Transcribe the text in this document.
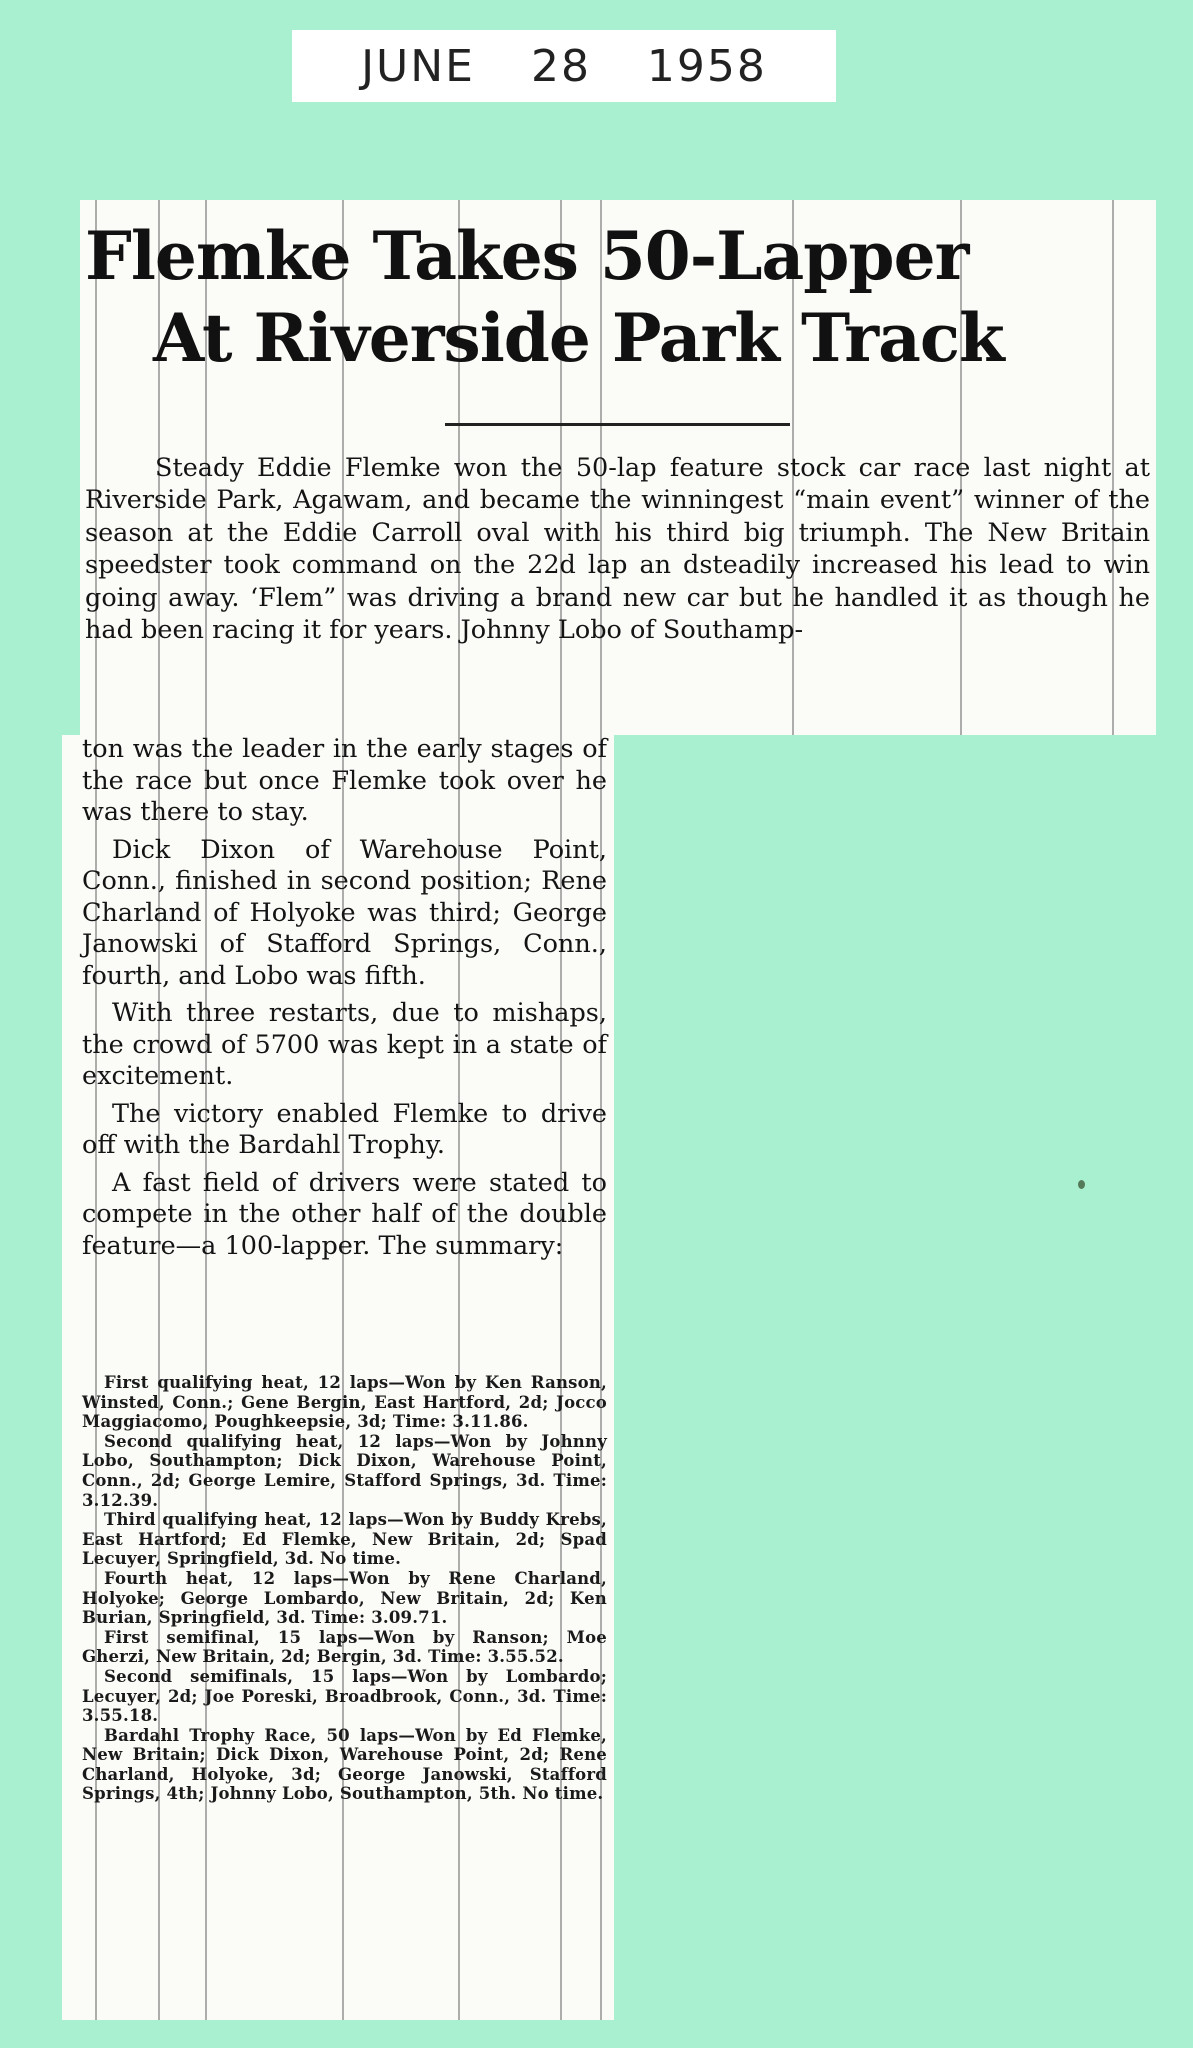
JUNE 28 1958
Flemke Takes 50-Lapper
At Riverside Park Track
Steady Eddie Flemke won the 50-lap feature stock car race last night at Riverside Park, Agawam, and became the winningest “main event” winner of the season at the Eddie Carroll oval with his third big triumph. The New Britain speedster took command on the 22d lap an dsteadily increased his lead to win going away. ‘Flem” was driving a brand new car but he handled it as though he had been racing it for years. Johnny Lobo of Southamp-

ton was the leader in the early stages of the race but once Flemke took over he was there to stay.

Dick Dixon of Warehouse Point, Conn., finished in second position; Rene Charland of Holyoke was third; George Janowski of Stafford Springs, Conn., fourth, and Lobo was fifth.

With three restarts, due to mishaps, the crowd of 5700 was kept in a state of excitement.

The victory enabled Flemke to drive off with the Bardahl Trophy.

A fast field of drivers were stated to compete in the other half of the double feature—a 100-lapper. The summary:

First qualifying heat, 12 laps—Won by Ken Ranson, Winsted, Conn.; Gene Bergin, East Hartford, 2d; Jocco Maggiacomo, Poughkeepsie, 3d; Time: 3.11.86.

Second qualifying heat, 12 laps—Won by Johnny Lobo, Southampton; Dick Dixon, Warehouse Point, Conn., 2d; George Lemire, Stafford Springs, 3d. Time: 3.12.39.

Third qualifying heat, 12 laps—Won by Buddy Krebs, East Hartford; Ed Flemke, New Britain, 2d; Spad Lecuyer, Springfield, 3d. No time.

Fourth heat, 12 laps—Won by Rene Charland, Holyoke; George Lombardo, New Britain, 2d; Ken Burian, Springfield, 3d. Time: 3.09.71.

First semifinal, 15 laps—Won by Ranson; Moe Gherzi, New Britain, 2d; Bergin, 3d. Time: 3.55.52.

Second semifinals, 15 laps—Won by Lombardo; Lecuyer, 2d; Joe Poreski, Broadbrook, Conn., 3d. Time: 3.55.18.

Bardahl Trophy Race, 50 laps—Won by Ed Flemke, New Britain; Dick Dixon, Warehouse Point, 2d; Rene Charland, Holyoke, 3d; George Janowski, Stafford Springs, 4th; Johnny Lobo, Southampton, 5th. No time.
